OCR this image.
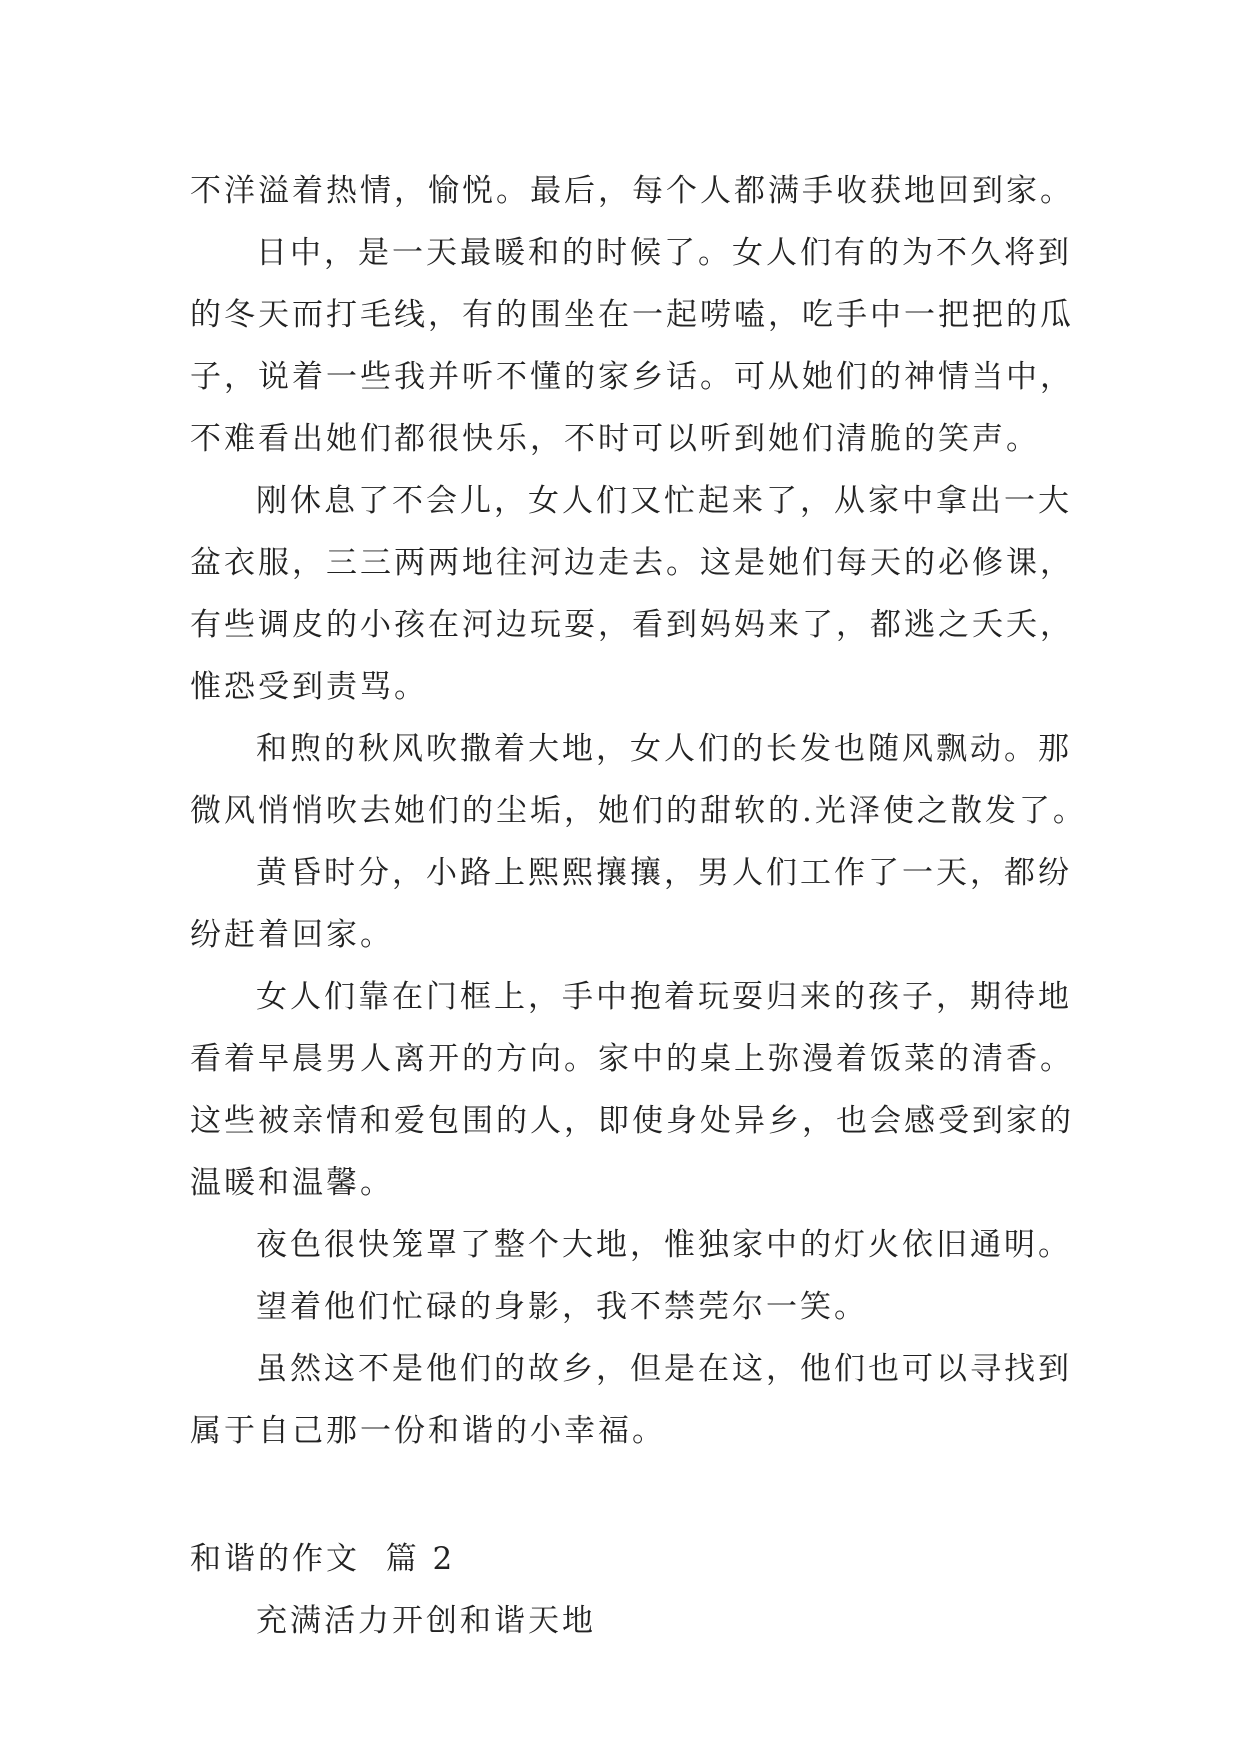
不洋溢着热情，愉悦。最后，每个人都满手收获地回到家。
日中，是一天最暖和的时候了。女人们有的为不久将到
的冬天而打毛线，有的围坐在一起唠嗑，吃手中一把把的瓜
子，说着一些我并听不懂的家乡话。可从她们的神情当中，
不难看出她们都很快乐，不时可以听到她们清脆的笑声。
刚休息了不会儿，女人们又忙起来了，从家中拿出一大
盆衣服，三三两两地往河边走去。这是她们每天的必修课，
有些调皮的小孩在河边玩耍，看到妈妈来了，都逃之夭夭，
惟恐受到责骂。
和煦的秋风吹撒着大地，女人们的长发也随风飘动。那
微风悄悄吹去她们的尘垢，她们的甜软的.光泽使之散发了。
黄昏时分，小路上熙熙攘攘，男人们工作了一天，都纷
纷赶着回家。
女人们靠在门框上，手中抱着玩耍归来的孩子，期待地
看着早晨男人离开的方向。家中的桌上弥漫着饭菜的清香。
这些被亲情和爱包围的人，即使身处异乡，也会感受到家的
温暖和温馨。
夜色很快笼罩了整个大地，惟独家中的灯火依旧通明。
望着他们忙碌的身影，我不禁莞尔一笑。
虽然这不是他们的故乡，但是在这，他们也可以寻找到
属于自己那一份和谐的小幸福。
和谐的作文  篇 2
充满活力开创和谐天地
